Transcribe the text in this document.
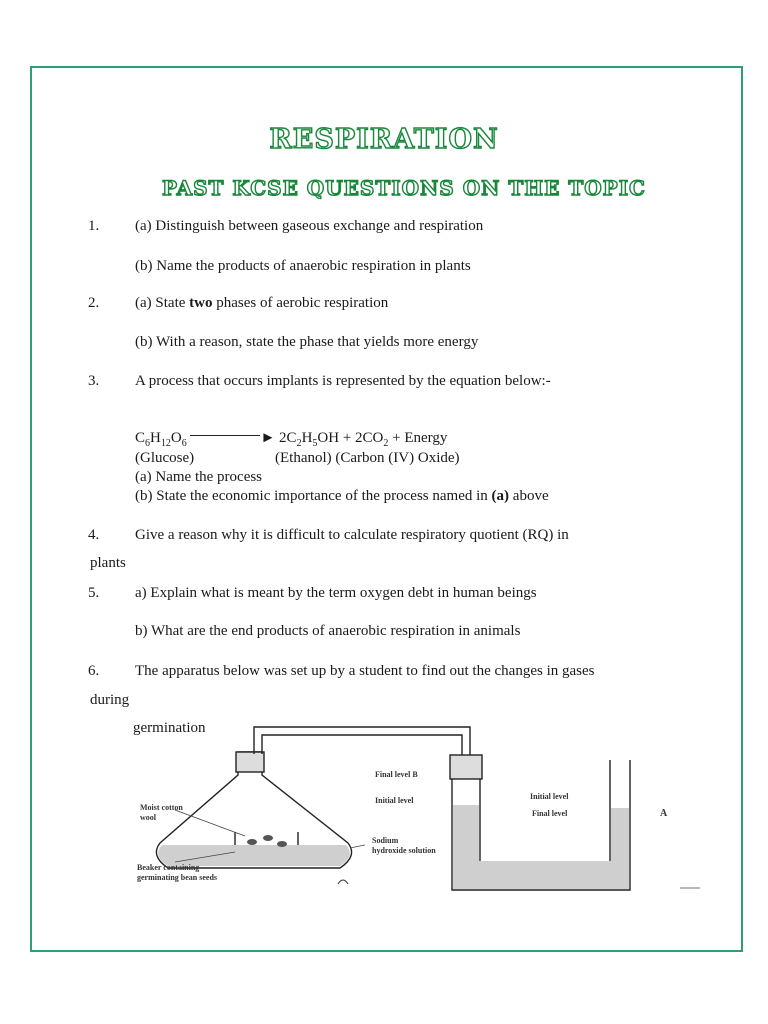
RESPIRATION
PAST KCSE QUESTIONS ON THE TOPIC
1. (a) Distinguish between gaseous exchange and respiration
(b) Name the products of anaerobic respiration in plants
2. (a) State two phases of aerobic respiration
(b) With a reason, state the phase that yields more energy
3. A process that occurs implants is represented by the equation below:-
$C_6H_{12}O_6$	► $2C_2H_5OH + 2CO_2$ + Energy
(Glucose)	(Ethanol) (Carbon (IV) Oxide)
(a) Name the process
(b) State the economic importance of the process named in (a) above
4. Give a reason why it is difficult to calculate respiratory quotient (RQ) in
plants
5. a) Explain what is meant by the term oxygen debt in human beings
b) What are the end products of anaerobic respiration in animals
6. The apparatus below was set up by a student to find out the changes in gases
during
germination
Final level B
Initial level	Initial level
Final level
Moist cotton
wool
Sodium
hydroxide solution
Beaker containing
germinating bean seeds
A
